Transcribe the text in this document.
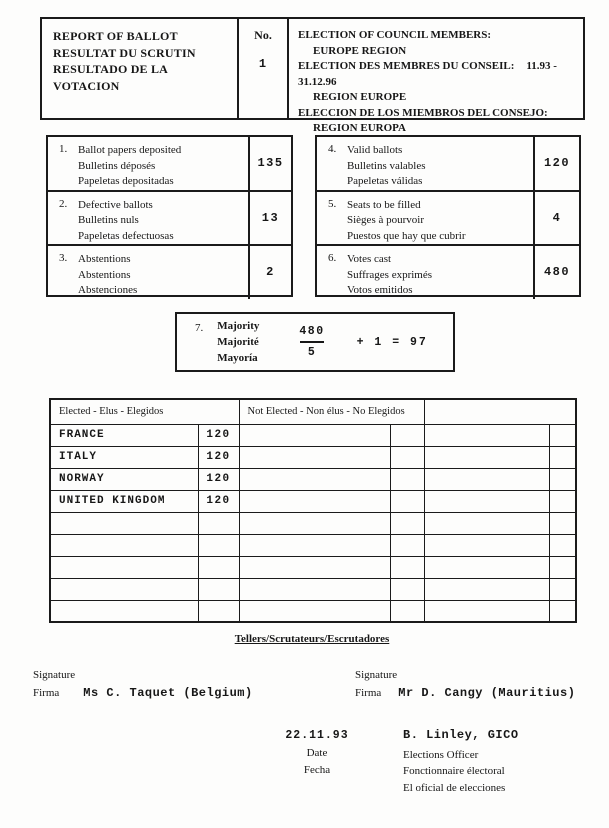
REPORT OF BALLOT
RESULTAT DU SCRUTIN
RESULTADO DE LA VOTACION
No.
1
ELECTION OF COUNCIL MEMBERS:
EUROPE REGION
ELECTION DES MEMBRES DU CONSEIL: 11.93 - 31.12.96
REGION EUROPE
ELECCION DE LOS MIEMBROS DEL CONSEJO:
REGION EUROPA
1. Ballot papers deposited
Bulletins déposés
Papeletas depositadas
135
2. Defective ballots
Bulletins nuls
Papeletas defectuosas
13
3. Abstentions
Abstentions
Abstenciones
2
4. Valid ballots
Bulletins valables
Papeletas válidas
120
5. Seats to be filled
Sièges à pourvoir
Puestos que hay que cubrir
4
6. Votes cast
Suffrages exprimés
Votos emitidos
480
7. Majority
Majorité
Mayoría	$\frac{480}{5}$	+ 1 = 97
Elected - Elus - Elegidos		Not Elected - Non élus - No Elegidos			
FRANCE	120				
ITALY	120				
NORWAY	120				
UNITED KINGDOM	120				

Tellers/Scrutateurs/Escrutadores
Signature
Firma Ms C. Taquet (Belgium)
Signature
Firma Mr D. Cangy (Mauritius)
22.11.93
Date
Fecha
B. Linley, GICO
Elections Officer
Fonctionnaire électoral
El oficial de elecciones
